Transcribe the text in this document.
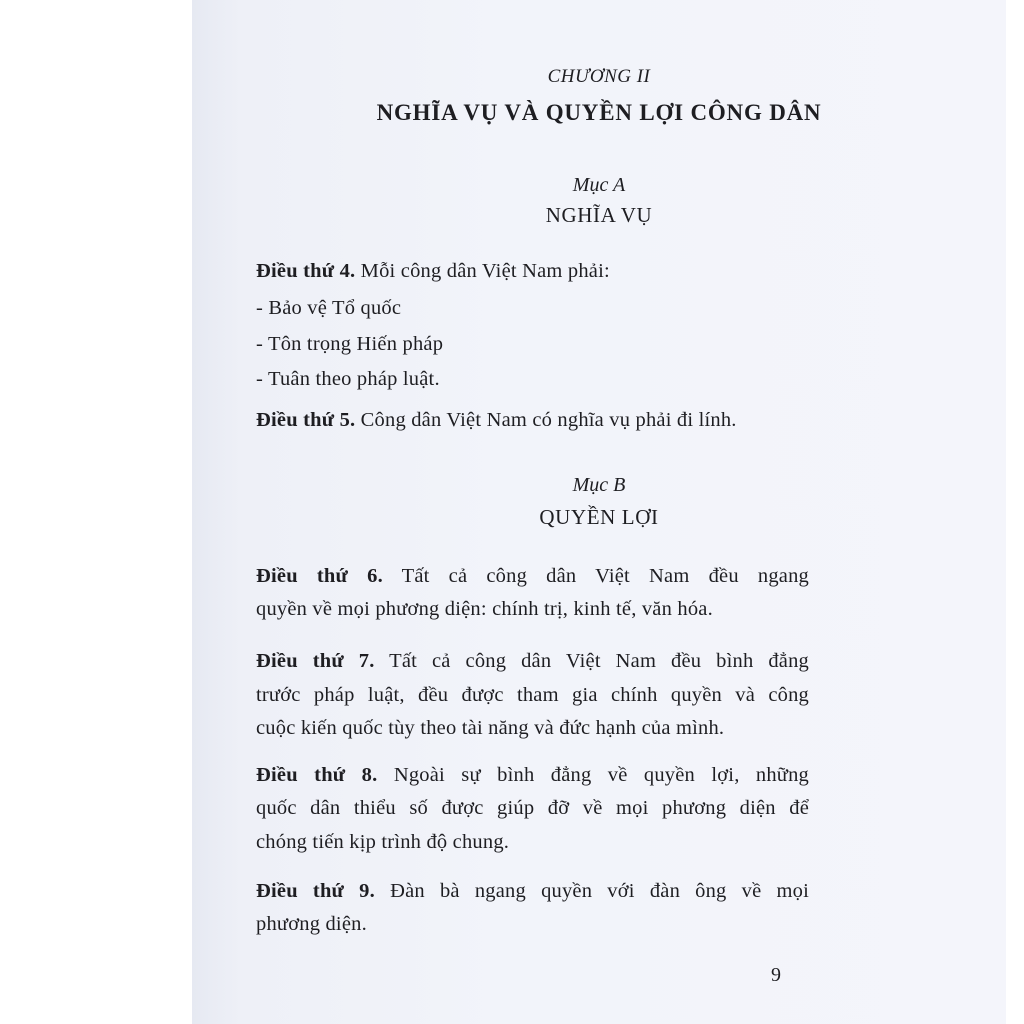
CHƯƠNG II
NGHĨA VỤ VÀ QUYỀN LỢI CÔNG DÂN
Mục A
NGHĨA VỤ
Điều thứ 4. Mỗi công dân Việt Nam phải:
- Bảo vệ Tổ quốc
- Tôn trọng Hiến pháp
- Tuân theo pháp luật.
Điều thứ 5. Công dân Việt Nam có nghĩa vụ phải đi lính.
Mục B
QUYỀN LỢI
Điều thứ 6. Tất cả công dân Việt Nam đều ngang
quyền về mọi phương diện: chính trị, kinh tế, văn hóa.
Điều thứ 7. Tất cả công dân Việt Nam đều bình đẳng
trước pháp luật, đều được tham gia chính quyền và công
cuộc kiến quốc tùy theo tài năng và đức hạnh của mình.
Điều thứ 8. Ngoài sự bình đẳng về quyền lợi, những
quốc dân thiểu số được giúp đỡ về mọi phương diện để
chóng tiến kịp trình độ chung.
Điều thứ 9. Đàn bà ngang quyền với đàn ông về mọi
phương diện.
9
